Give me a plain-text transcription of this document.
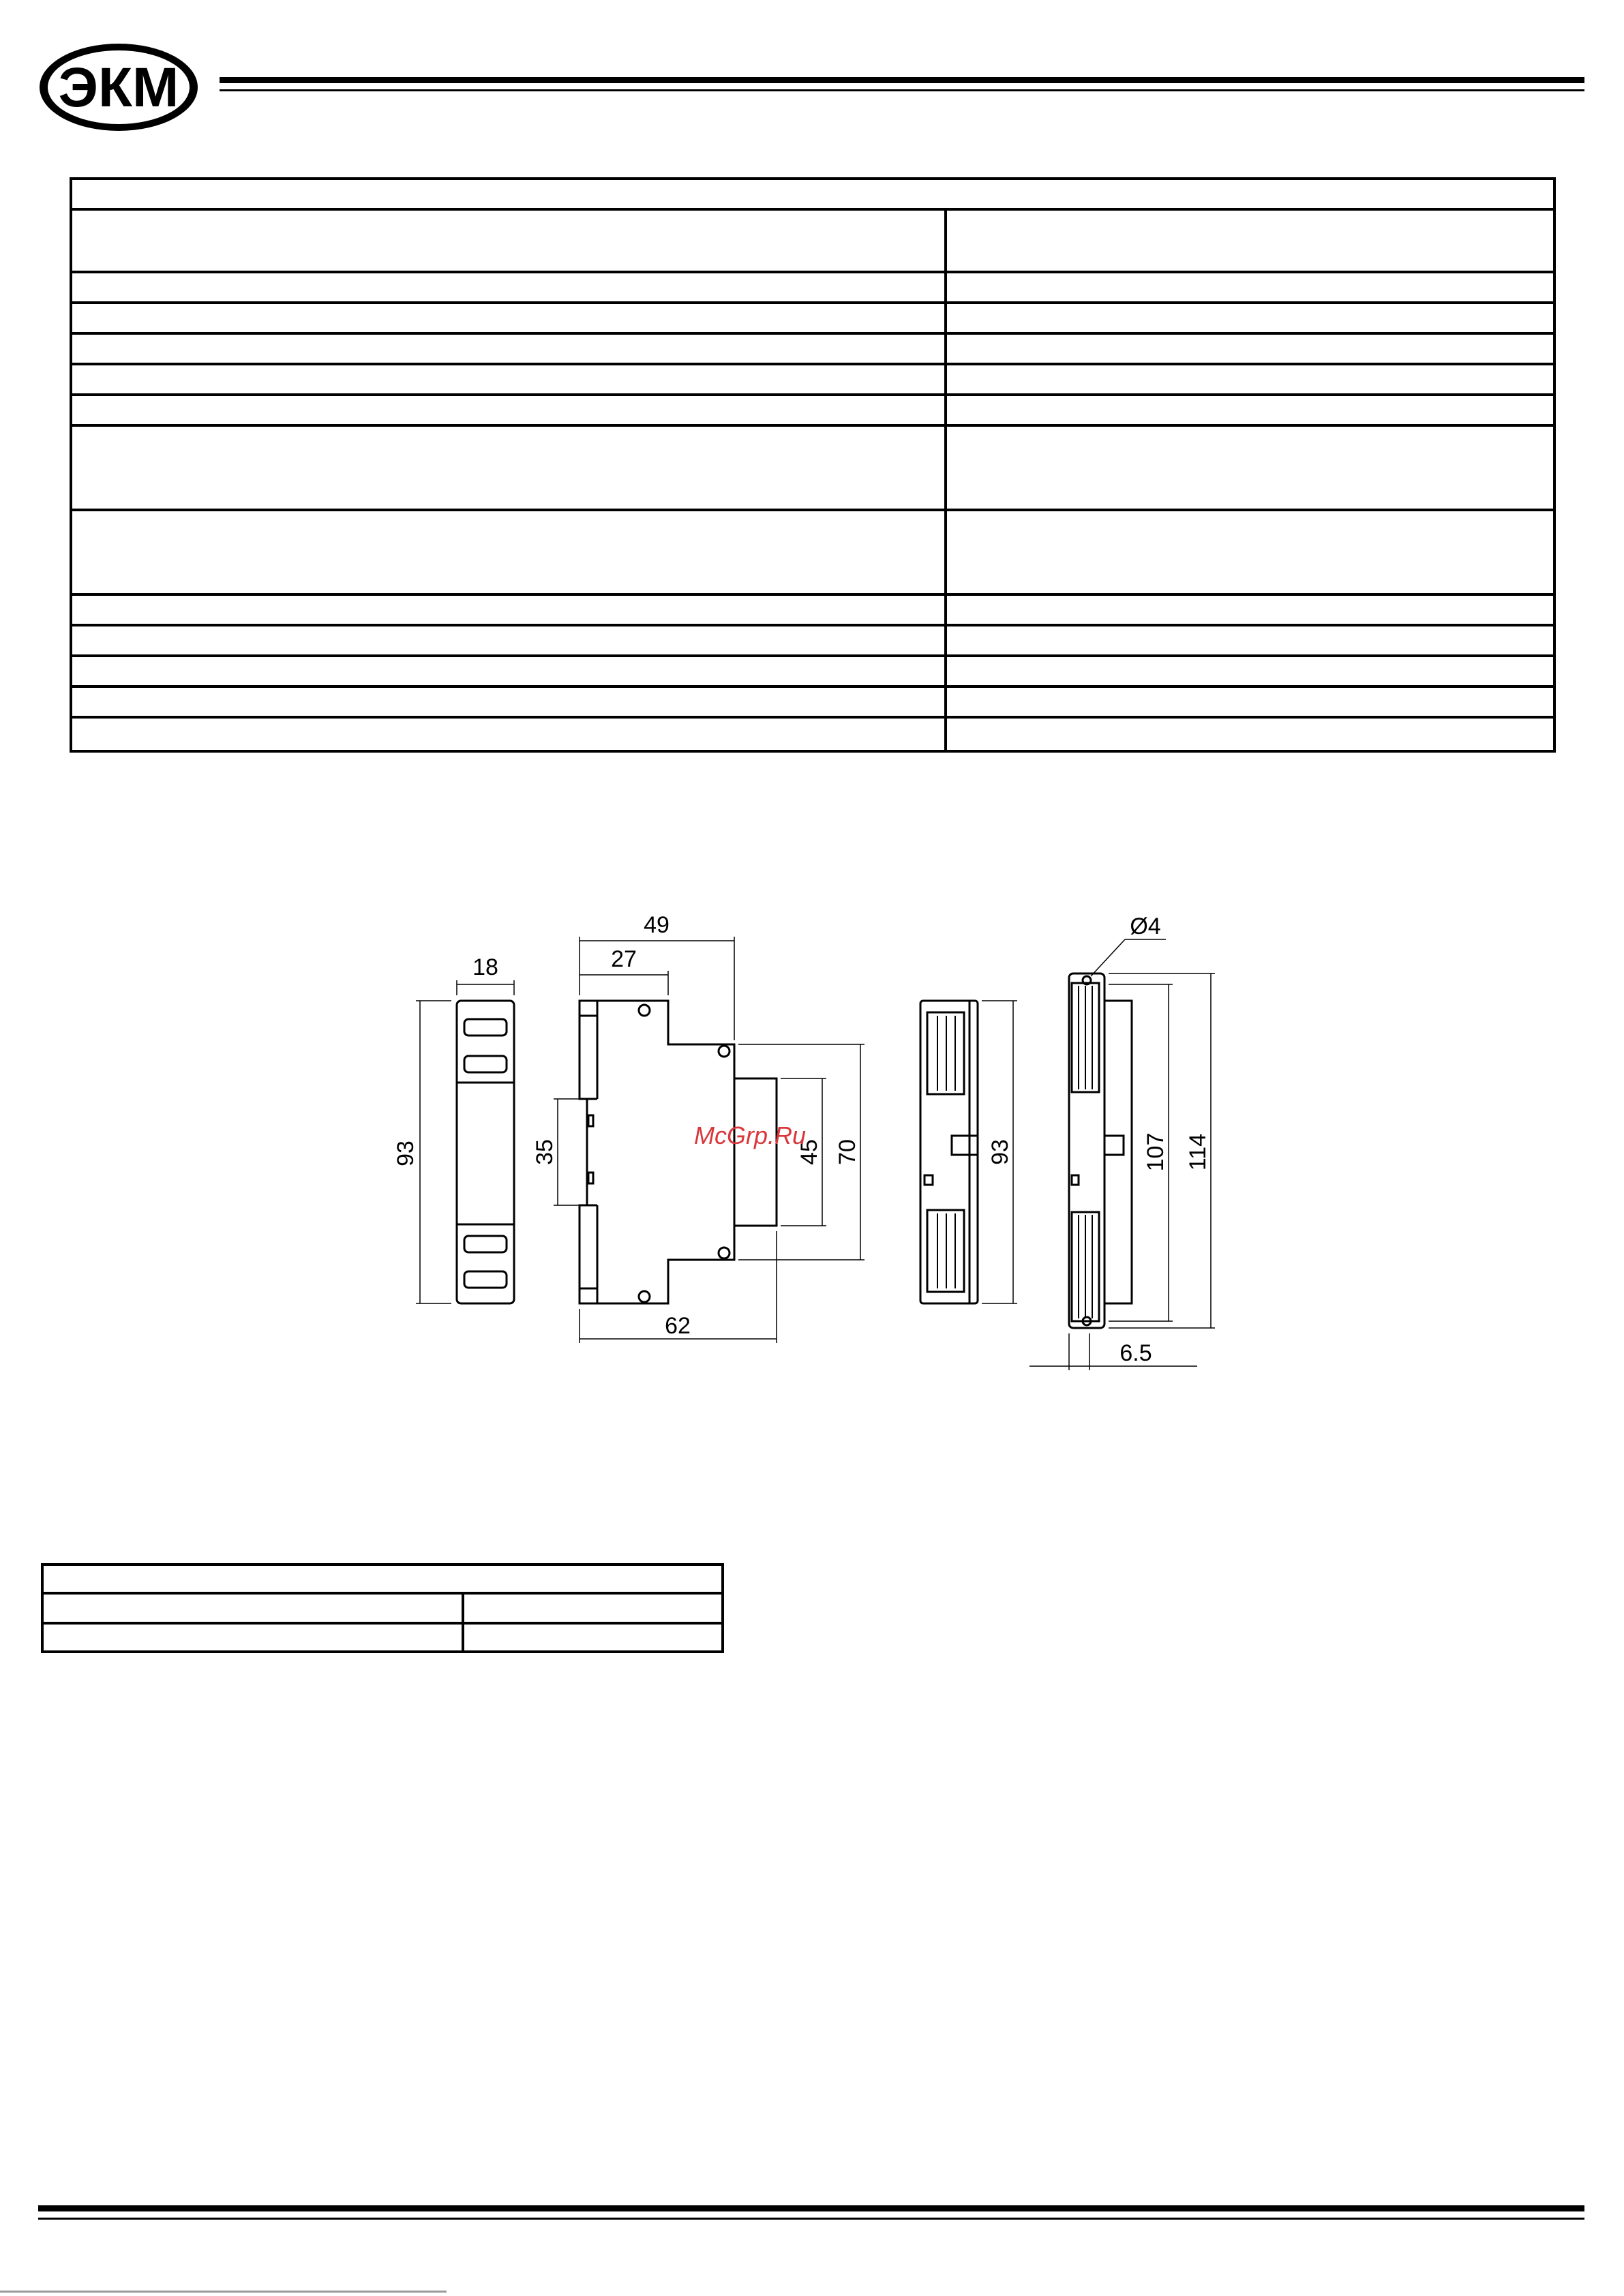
ЭКМ

18
93
49
27
35	45 70
62
93
Ø4
107 114
6.5
McGrp.Ru
